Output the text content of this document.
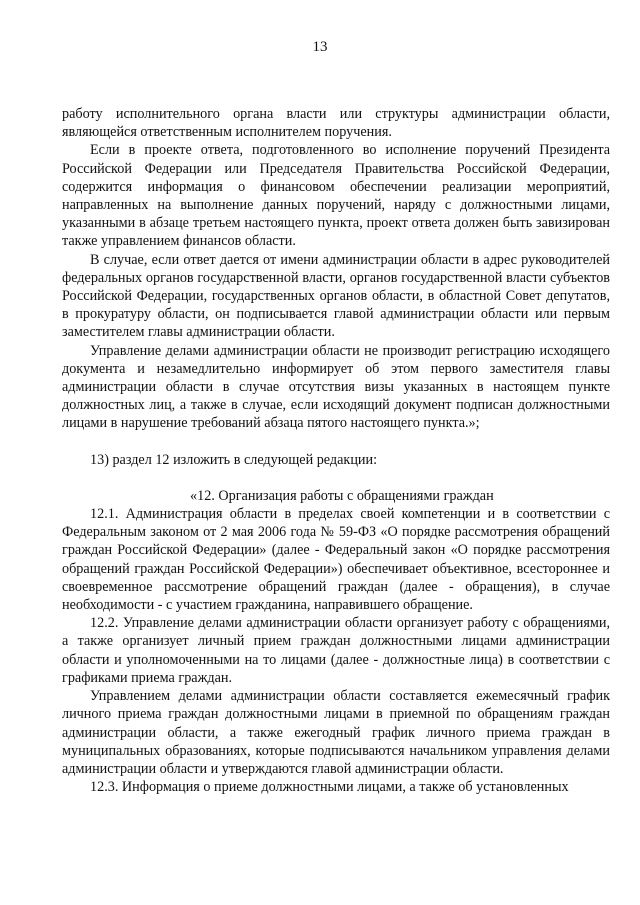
13

работу исполнительного органа власти или структуры администрации области, являющейся ответственным исполнителем поручения.

Если в проекте ответа, подготовленного во исполнение поручений Президента Российской Федерации или Председателя Правительства Российской Федерации, содержится информация о финансовом обеспечении реализации мероприятий, направленных на выполнение данных поручений, наряду с должностными лицами, указанными в абзаце третьем настоящего пункта, проект ответа должен быть завизирован также управлением финансов области.

В случае, если ответ дается от имени администрации области в адрес руководителей федеральных органов государственной власти, органов государственной власти субъектов Российской Федерации, государственных органов области, в областной Совет депутатов, в прокуратуру области, он подписывается главой администрации области или первым заместителем главы администрации области.

Управление делами администрации области не производит регистрацию исходящего документа и незамедлительно информирует об этом первого заместителя главы администрации области в случае отсутствия визы указанных в настоящем пункте должностных лиц, а также в случае, если исходящий документ подписан должностными лицами в нарушение требований абзаца пятого настоящего пункта.»;

13) раздел 12 изложить в следующей редакции:

«12. Организация работы с обращениями граждан

12.1. Администрация области в пределах своей компетенции и в соответствии с Федеральным законом от 2 мая 2006 года № 59-ФЗ «О порядке рассмотрения обращений граждан Российской Федерации» (далее - Федеральный закон «О порядке рассмотрения обращений граждан Российской Федерации») обеспечивает объективное, всестороннее и своевременное рассмотрение обращений граждан (далее - обращения), в случае необходимости - с участием гражданина, направившего обращение.

12.2. Управление делами администрации области организует работу с обращениями, а также организует личный прием граждан должностными лицами администрации области и уполномоченными на то лицами (далее - должностные лица) в соответствии с графиками приема граждан.

Управлением делами администрации области составляется ежемесячный график личного приема граждан должностными лицами в приемной по обращениям граждан администрации области, а также ежегодный график личного приема граждан в муниципальных образованиях, которые подписываются начальником управления делами администрации области и утверждаются главой администрации области.

12.3. Информация о приеме должностными лицами, а также об установленных
